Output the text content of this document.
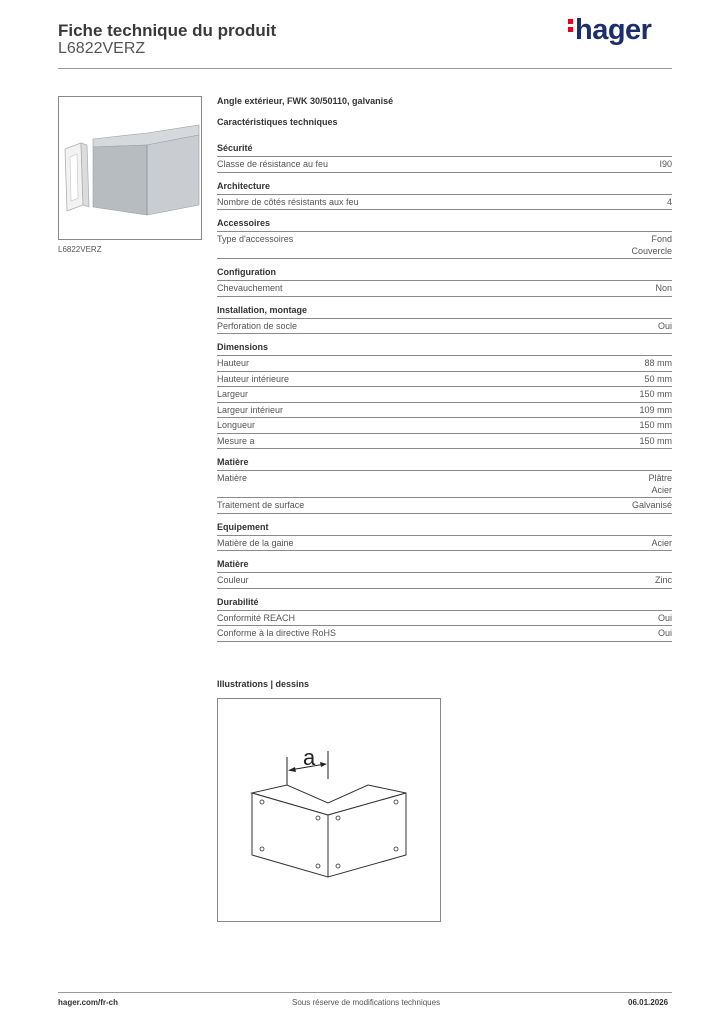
Fiche technique du produit
L6822VERZ
hager
L6822VERZ
Angle extérieur, FWK 30/50110, galvanisé
Caractéristiques techniques
Sécurité
Classe de résistance au feu	I90
Architecture
Nombre de côtés résistants aux feu	4
Accessoires
Type d'accessoires	Fond
Couvercle
Configuration
Chevauchement	Non
Installation, montage
Perforation de socle	Oui
Dimensions
Hauteur	88 mm
Hauteur intérieure	50 mm
Largeur	150 mm
Largeur intérieur	109 mm
Longueur	150 mm
Mesure a	150 mm
Matière
Matière	Plâtre
Acier
Traitement de surface	Galvanisé
Equipement
Matière de la gaine	Acier
Matière
Couleur	Zinc
Durabilité
Conformité REACH	Oui
Conforme à la directive RoHS	Oui
Illustrations | dessins
a
hager.com/fr-ch	Sous réserve de modifications techniques	06.01.2026
